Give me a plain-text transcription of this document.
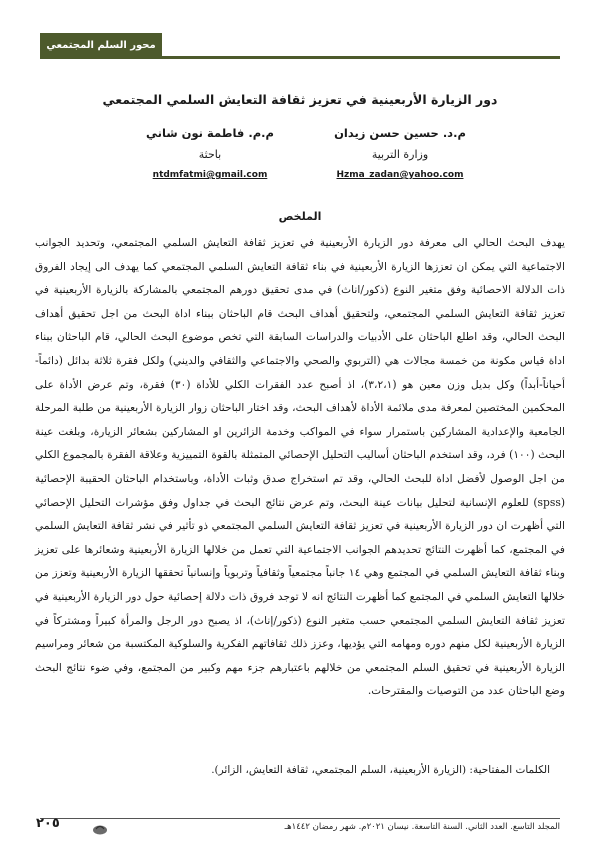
محور السلم المجتمعي
دور الزيارة الأربعينية في تعزيز ثقافة التعايش السلمي المجتمعي
م.د. حسين حسن زيدان
وزارة التربية
Hzma_zadan@yahoo.com
م.م. فاطمة نون شاني
باحثة
ntdmfatmi@gmail.com
الملخص
يهدف البحث الحالي الى معرفة دور الزيارة الأربعينية في تعزيز ثقافة التعايش السلمي المجتمعي، وتحديد الجوانب الاجتماعية التي يمكن ان تعززها الزيارة الأربعينية في بناء ثقافة التعايش السلمي المجتمعي كما يهدف الى إيجاد الفروق ذات الدلالة الاحصائية وفق متغير النوع (ذكور/اناث) في مدى تحقيق دورهم المجتمعي بالمشاركة بالزيارة الأربعينية في تعزيز ثقافة التعايش السلمي المجتمعي، ولتحقيق أهداف البحث قام الباحثان ببناء اداة البحث من اجل تحقيق أهداف البحث الحالي، وقد اطلع الباحثان على الأدبيات والدراسات السابقة التي تخص موضوع البحث الحالي، قام الباحثان ببناء اداة قياس مكونة من خمسة مجالات هي (التربوي والصحي والاجتماعي والثقافي والديني) ولكل فقرة ثلاثة بدائل (دائماً-أحياناً-أبداً) وكل بديل وزن معين هو (٣،٢،١)، اذ أصبح عدد الفقرات الكلي للأداة (٣٠) فقرة، وتم عرض الأداة على المحكمين المختصين لمعرفة مدى ملائمة الأداة لأهداف البحث، وقد اختار الباحثان زوار الزيارة الأربعينية من طلبة المرحلة الجامعية والإعدادية المشاركين باستمرار سواء في المواكب وخدمة الزائرين او المشاركين بشعائر الزيارة، وبلغت عينة البحث (١٠٠) فرد، وقد استخدم الباحثان أساليب التحليل الإحصائي المتمثلة بالقوة التمييزية وعلاقة الفقرة بالمجموع الكلي من اجل الوصول لأفضل اداة للبحث الحالي، وقد تم استخراج صدق وثبات الأداة، وباستخدام الباحثان الحقيبة الإحصائية (spss) للعلوم الإنسانية لتحليل بيانات عينة البحث، وتم عرض نتائج البحث في جداول وفق مؤشرات التحليل الإحصائي التي أظهرت ان دور الزيارة الأربعينية في تعزيز ثقافة التعايش السلمي المجتمعي ذو تأثير في نشر ثقافة التعايش السلمي في المجتمع، كما أظهرت النتائج تحديدهم الجوانب الاجتماعية التي تعمل من خلالها الزيارة الأربعينية وشعائرها على تعزيز وبناء ثقافة التعايش السلمي في المجتمع وهي ١٤ جانباً مجتمعياً وثقافياً وتربوياً وإنسانياً تحققها الزيارة الأربعينية وتعزز من خلالها التعايش السلمي في المجتمع كما أظهرت النتائج انه لا توجد فروق ذات دلالة إحصائية حول دور الزيارة الأربعينية في تعزيز ثقافة التعايش السلمي المجتمعي حسب متغير النوع (ذكور/إناث)، اذ يصبح دور الرجل والمرأة كبيراً ومشتركاً في الزيارة الأربعينية لكل منهم دوره ومهامه التي يؤديها، وعزز ذلك ثقافاتهم الفكرية والسلوكية المكتسبة من شعائر ومراسيم الزيارة الأربعينية في تحقيق السلم المجتمعي من خلالهم باعتبارهم جزء مهم وكبير من المجتمع، وفي ضوء نتائج البحث وضع الباحثان عدد من التوصيات والمقترحات.
الكلمات المفتاحية: (الزيارة الأربعينية، السلم المجتمعي، ثقافة التعايش، الزائر).
٢٠٥	المجلد التاسع. العدد الثاني. السنة التاسعة. نيسان ٢٠٢١م. شهر رمضان ١٤٤٢هـ
